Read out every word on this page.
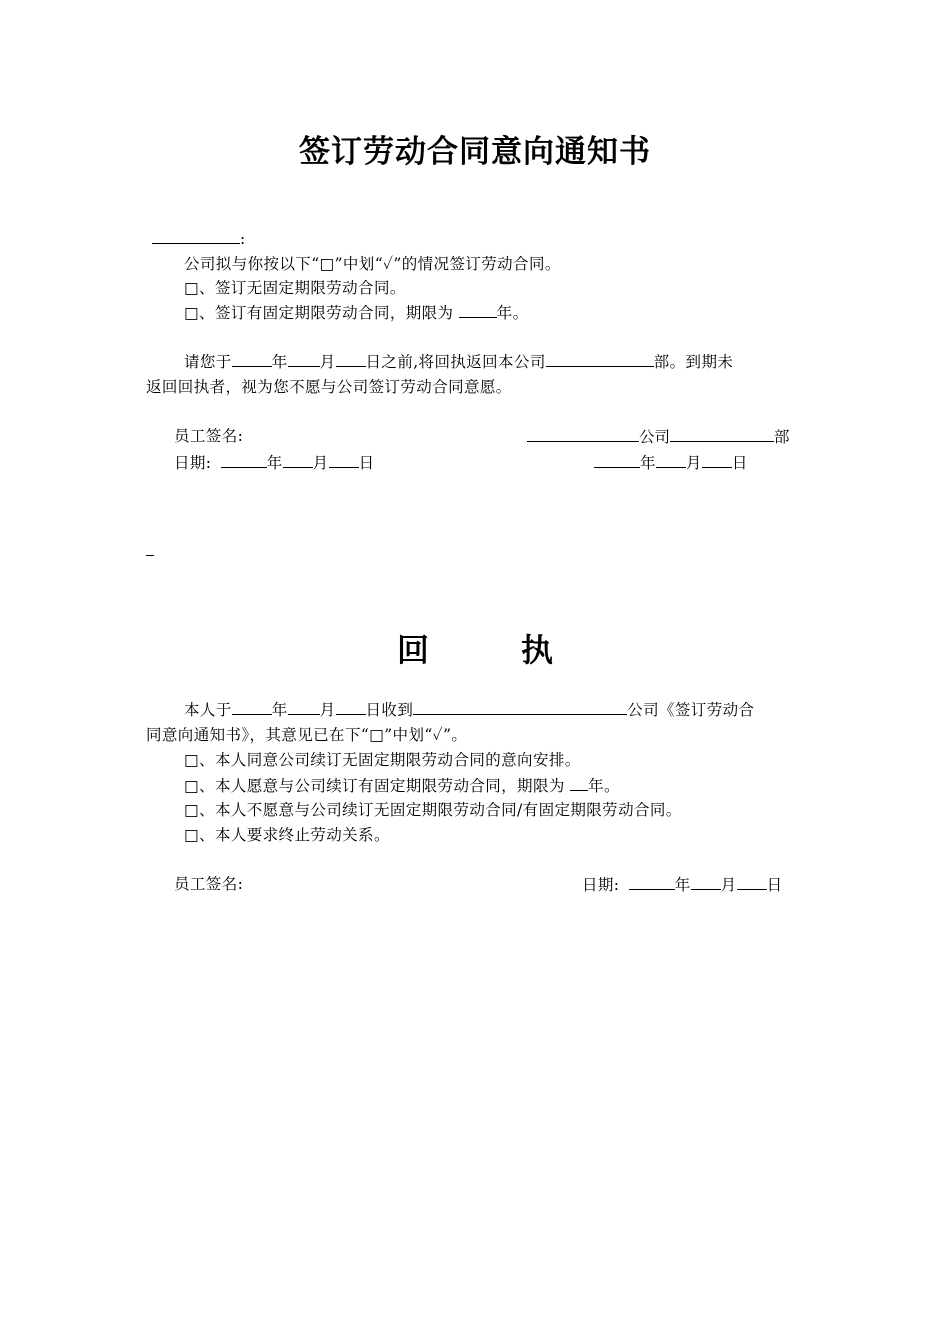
签订劳动合同意向通知书
:
公司拟与你按以下“□”中划“✓”的情况签订劳动合同。
□、签订无固定期限劳动合同。
□、签订有固定期限劳动合同，期限为	年。
请您于	年 月 日之前,将回执返回本公司	部。到期未
返回回执者，视为您不愿与公司签订劳动合同意愿。
员工签名:	公司	部
日期:	年 月 日	年 月 日
回	执
本人于	年 月 日收到	公司《签订劳动合
同意向通知书》，其意见已在下“□”中划“✓”。
□、本人同意公司续订无固定期限劳动合同的意向安排。
□、本人愿意与公司续订有固定期限劳动合同，期限为 年。
□、本人不愿意与公司续订无固定期限劳动合同/有固定期限劳动合同。
□、本人要求终止劳动关系。
员工签名:	日期:	年 月 日
